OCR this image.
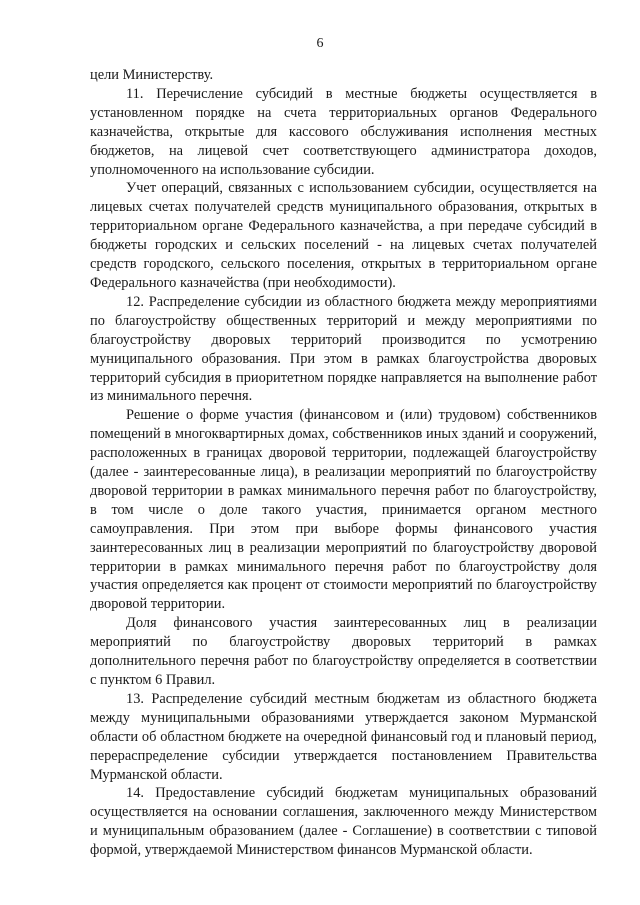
6

цели Министерству.

11. Перечисление субсидий в местные бюджеты осуществляется в установленном порядке на счета территориальных органов Федерального казначейства, открытые для кассового обслуживания исполнения местных бюджетов, на лицевой счет соответствующего администратора доходов, уполномоченного на использование субсидии.

Учет операций, связанных с использованием субсидии, осуществляется на лицевых счетах получателей средств муниципального образования, открытых в территориальном органе Федерального казначейства, а при передаче субсидий в бюджеты городских и сельских поселений - на лицевых счетах получателей средств городского, сельского поселения, открытых в территориальном органе Федерального казначейства (при необходимости).

12. Распределение субсидии из областного бюджета между мероприятиями по благоустройству общественных территорий и между мероприятиями по благоустройству дворовых территорий производится по усмотрению муниципального образования. При этом в рамках благоустройства дворовых территорий субсидия в приоритетном порядке направляется на выполнение работ из минимального перечня.

Решение о форме участия (финансовом и (или) трудовом) собственников помещений в многоквартирных домах, собственников иных зданий и сооружений, расположенных в границах дворовой территории, подлежащей благоустройству (далее - заинтересованные лица), в реализации мероприятий по благоустройству дворовой территории в рамках минимального перечня работ по благоустройству, в том числе о доле такого участия, принимается органом местного самоуправления. При этом при выборе формы финансового участия заинтересованных лиц в реализации мероприятий по благоустройству дворовой территории в рамках минимального перечня работ по благоустройству доля участия определяется как процент от стоимости мероприятий по благоустройству дворовой территории.

Доля финансового участия заинтересованных лиц в реализации мероприятий по благоустройству дворовых территорий в рамках дополнительного перечня работ по благоустройству определяется в соответствии с пунктом 6 Правил.

13. Распределение субсидий местным бюджетам из областного бюджета между муниципальными образованиями утверждается законом Мурманской области об областном бюджете на очередной финансовый год и плановый период, перераспределение субсидии утверждается постановлением Правительства Мурманской области.

14. Предоставление субсидий бюджетам муниципальных образований осуществляется на основании соглашения, заключенного между Министерством и муниципальным образованием (далее - Соглашение) в соответствии с типовой формой, утверждаемой Министерством финансов Мурманской области.
